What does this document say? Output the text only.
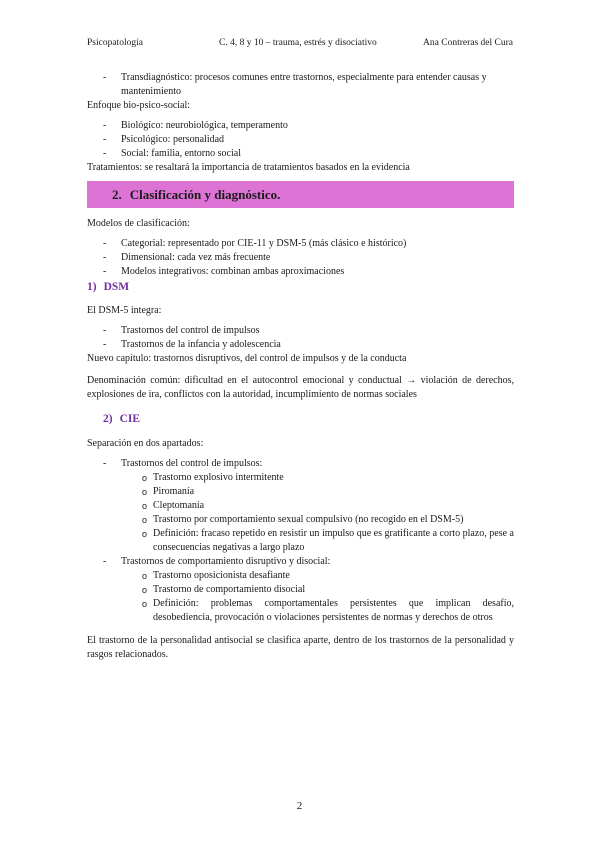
Psicopatología	C. 4, 8 y 10 – trauma, estrés y disociativo	Ana Contreras del Cura
- Transdiagnóstico: procesos comunes entre trastornos, especialmente para entender causas y mantenimiento

Enfoque bio-psico-social:

- Biológico: neurobiológica, temperamento
- Psicológico: personalidad
- Social: familia, entorno social

Tratamientos: se resaltará la importancia de tratamientos basados en la evidencia

2. Clasificación y diagnóstico.

Modelos de clasificación:

- Categorial: representado por CIE-11 y DSM-5 (más clásico e histórico)
- Dimensional: cada vez más frecuente
- Modelos integrativos: combinan ambas aproximaciones
1) DSM

El DSM-5 integra:

- Trastornos del control de impulsos
- Trastornos de la infancia y adolescencia

Nuevo capítulo: trastornos disruptivos, del control de impulsos y de la conducta

Denominación común: dificultad en el autocontrol emocional y conductual → violación de derechos, explosiones de ira, conflictos con la autoridad, incumplimiento de normas sociales

2) CIE

Separación en dos apartados:

- Trastornos del control de impulsos:
o Trastorno explosivo intermitente
o Piromanía
o Cleptomanía
o Trastorno por comportamiento sexual compulsivo (no recogido en el DSM-5)
o Definición: fracaso repetido en resistir un impulso que es gratificante a corto plazo, pese a consecuencias negativas a largo plazo
- Trastornos de comportamiento disruptivo y disocial:
o Trastorno oposicionista desafiante
o Trastorno de comportamiento disocial
o Definición: problemas comportamentales persistentes que implican desafío, desobediencia, provocación o violaciones persistentes de normas y derechos de otros

El trastorno de la personalidad antisocial se clasifica aparte, dentro de los trastornos de la personalidad y rasgos relacionados.

2
